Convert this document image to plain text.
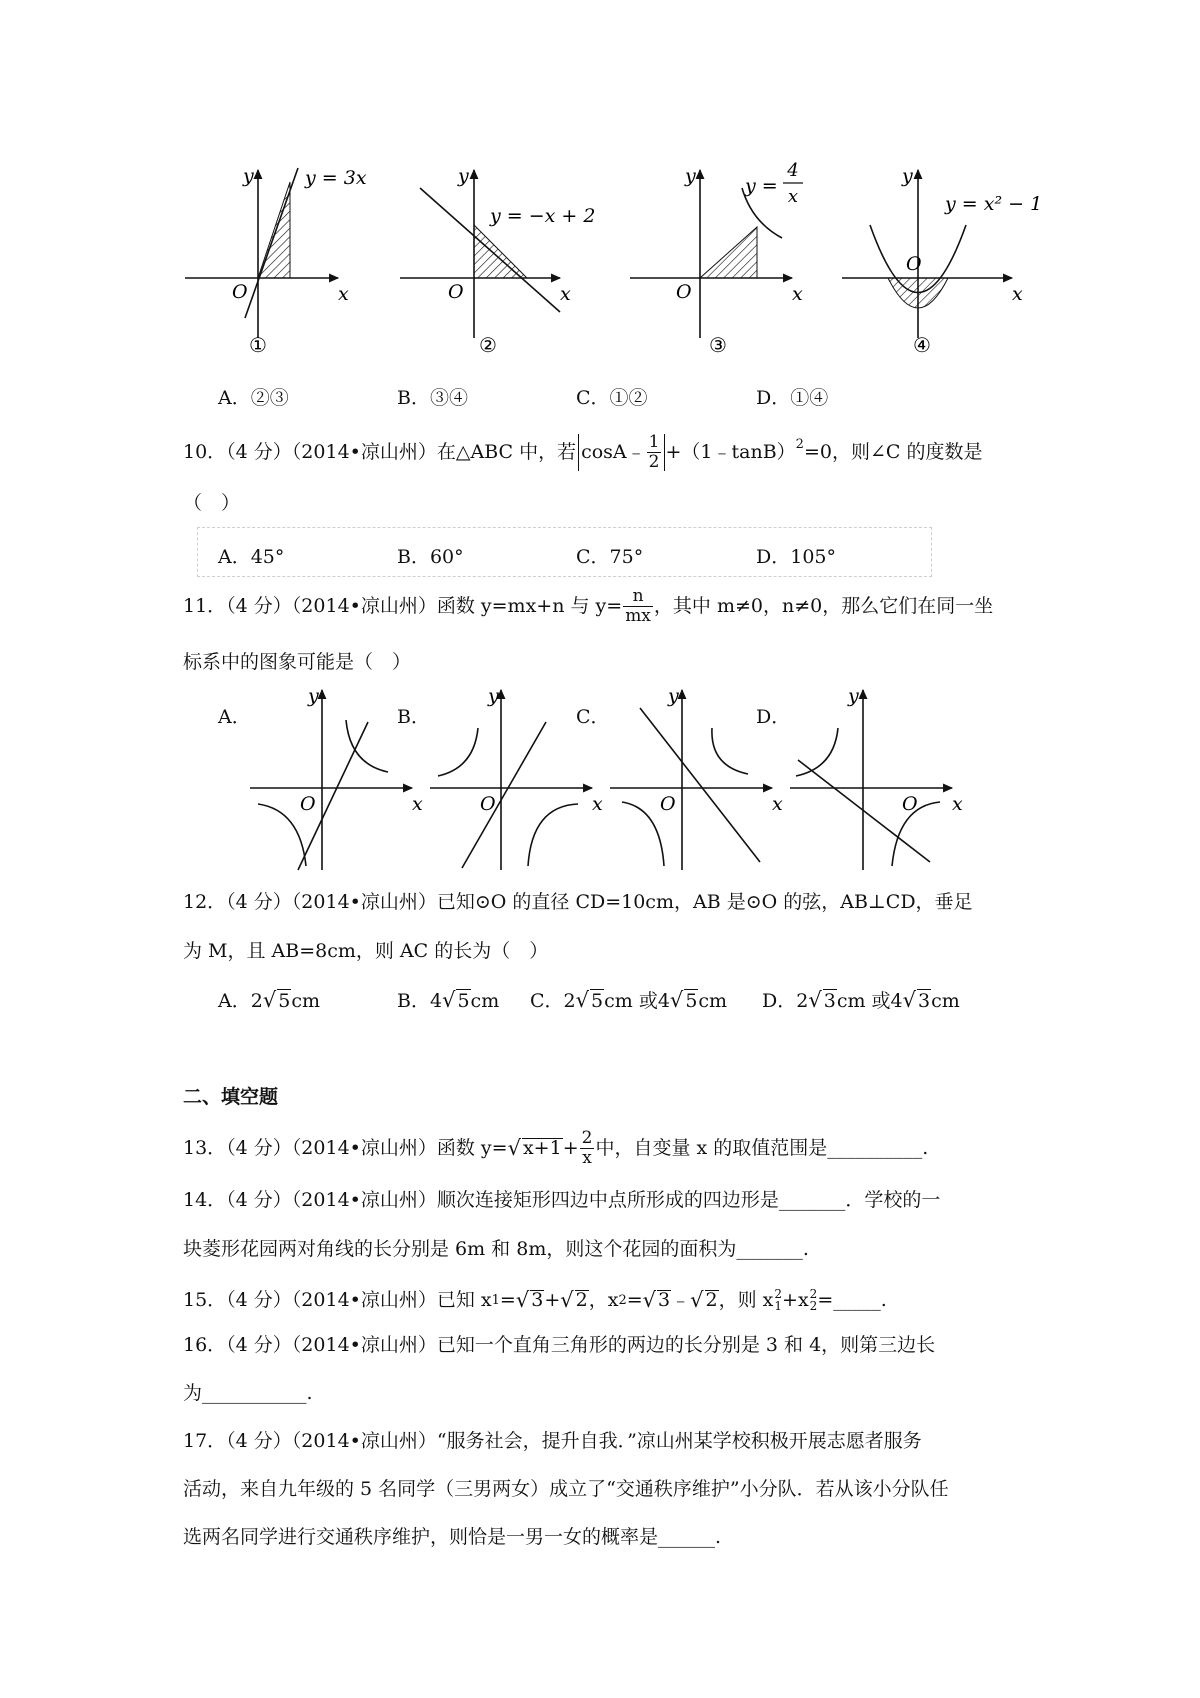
y
x
O
y = 3x
①
y
x
O
y = −x + 2
②
y
x
O
y =
4
x
③
y
x
O
y = x² − 1
④
A．②③	B．③④	C．①②	D．①④
10．（4 分）（2014•凉山州）在△ABC 中，若 cosA﹣ $\frac{1}{2}$ +（1﹣tanB）$^2$ =0，则∠C 的度数是
（　）
A．45°	B．60°	C．75°	D．105°
11．（4 分）（2014•凉山州）函数 y=mx+n 与 $y= \frac{n}{mx}$ ，其中 m≠0，n≠0，那么它们在同一坐
标系中的图象可能是（　）
A．	B．	C．	D．
y
x
O
y
x
O
y
x
O
y
x
O
12．（4 分）（2014•凉山州）已知⊙O 的直径 CD=10cm，AB 是⊙O 的弦，AB⊥CD，垂足
为 M，且 AB=8cm，则 AC 的长为（　）
A．2√ 5cm	B．4√ 5cm C．2√ 5cm 或4√ 5cm D．2√ 3cm 或4√ 3cm
二、填空题
13．（4 分）（2014•凉山州）函数 y= √ $x+1 + \frac{2}{x}$ 中，自变量 x 的取值范围是__________.
14．（4 分）（2014•凉山州）顺次连接矩形四边中点所形成的四边形是_______．学校的一
块菱形花园两对角线的长分别是 6m 和 8m，则这个花园的面积为_______.
15．（4 分）（2014•凉山州）已知 x 1 = √ 3 + √ 2 ，x 2 = √ 3 ﹣ √ 2 ，则 x 2
1 +x 2
2 =_____.
16．（4 分）（2014•凉山州）已知一个直角三角形的两边的长分别是 3 和 4，则第三边长
为___________.
17．（4 分）（2014•凉山州）“服务社会，提升自我．”凉山州某学校积极开展志愿者服务
活动，来自九年级的 5 名同学（三男两女）成立了“交通秩序维护”小分队．若从该小分队任
选两名同学进行交通秩序维护，则恰是一男一女的概率是______.
